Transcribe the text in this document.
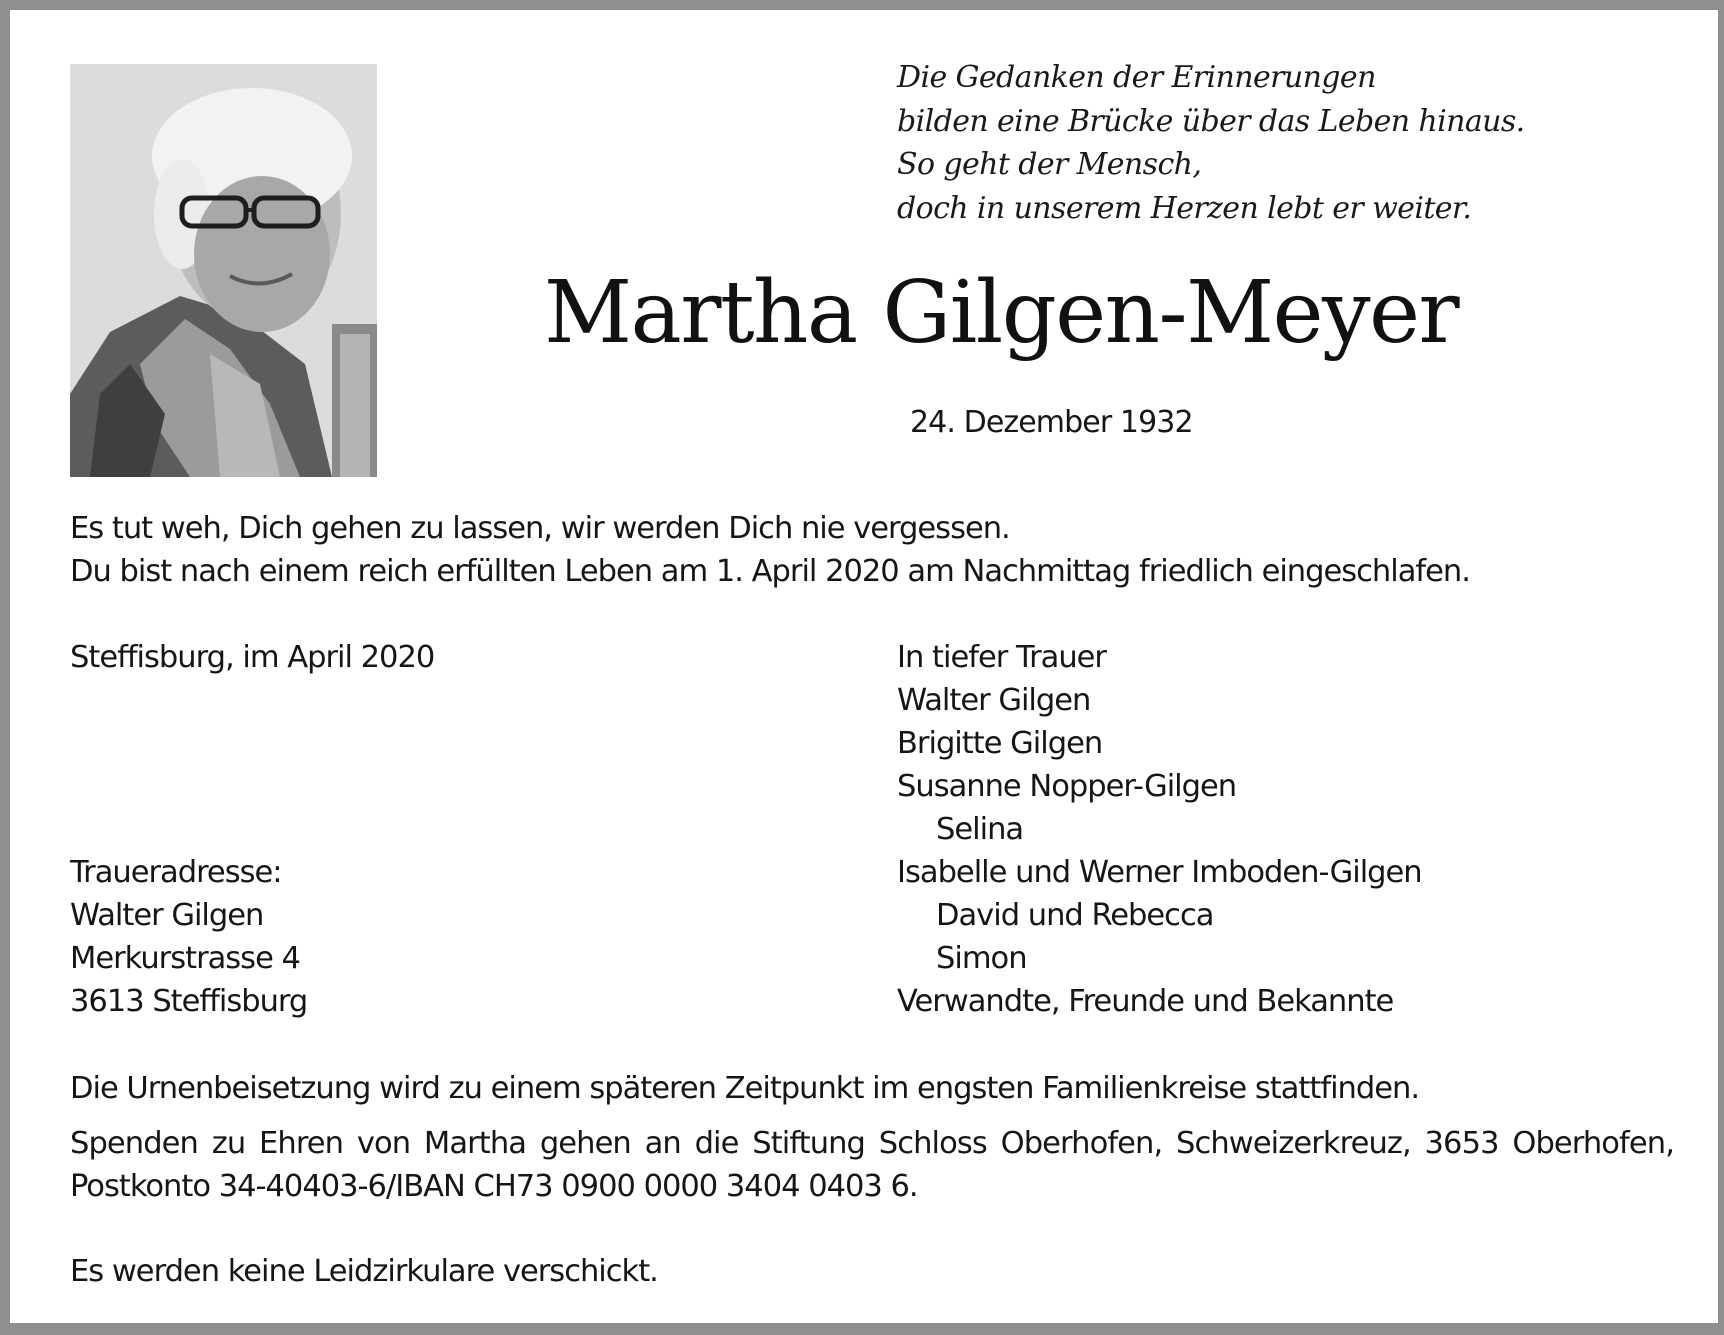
Die Gedanken der Erinnerungen
bilden eine Brücke über das Leben hinaus.
So geht der Mensch,
doch in unserem Herzen lebt er weiter.
Martha Gilgen-Meyer
24. Dezember 1932
Es tut weh, Dich gehen zu lassen, wir werden Dich nie vergessen.
Du bist nach einem reich erfüllten Leben am 1. April 2020 am Nachmittag friedlich eingeschlafen.
Steffisburg, im April 2020	In tiefer Trauer
Walter Gilgen
Brigitte Gilgen
Susanne Nopper-Gilgen
Selina
Isabelle und Werner Imboden-Gilgen
David und Rebecca
Simon
Verwandte, Freunde und Bekannte
Traueradresse:
Walter Gilgen
Merkurstrasse 4
3613 Steffisburg
Die Urnenbeisetzung wird zu einem späteren Zeitpunkt im engsten Familienkreise stattfinden.
Spenden zu Ehren von Martha gehen an die Stiftung Schloss Oberhofen, Schweizerkreuz, 3653 Oberhofen,
Postkonto 34-40403-6/IBAN CH73 0900 0000 3404 0403 6.
Es werden keine Leidzirkulare verschickt.
